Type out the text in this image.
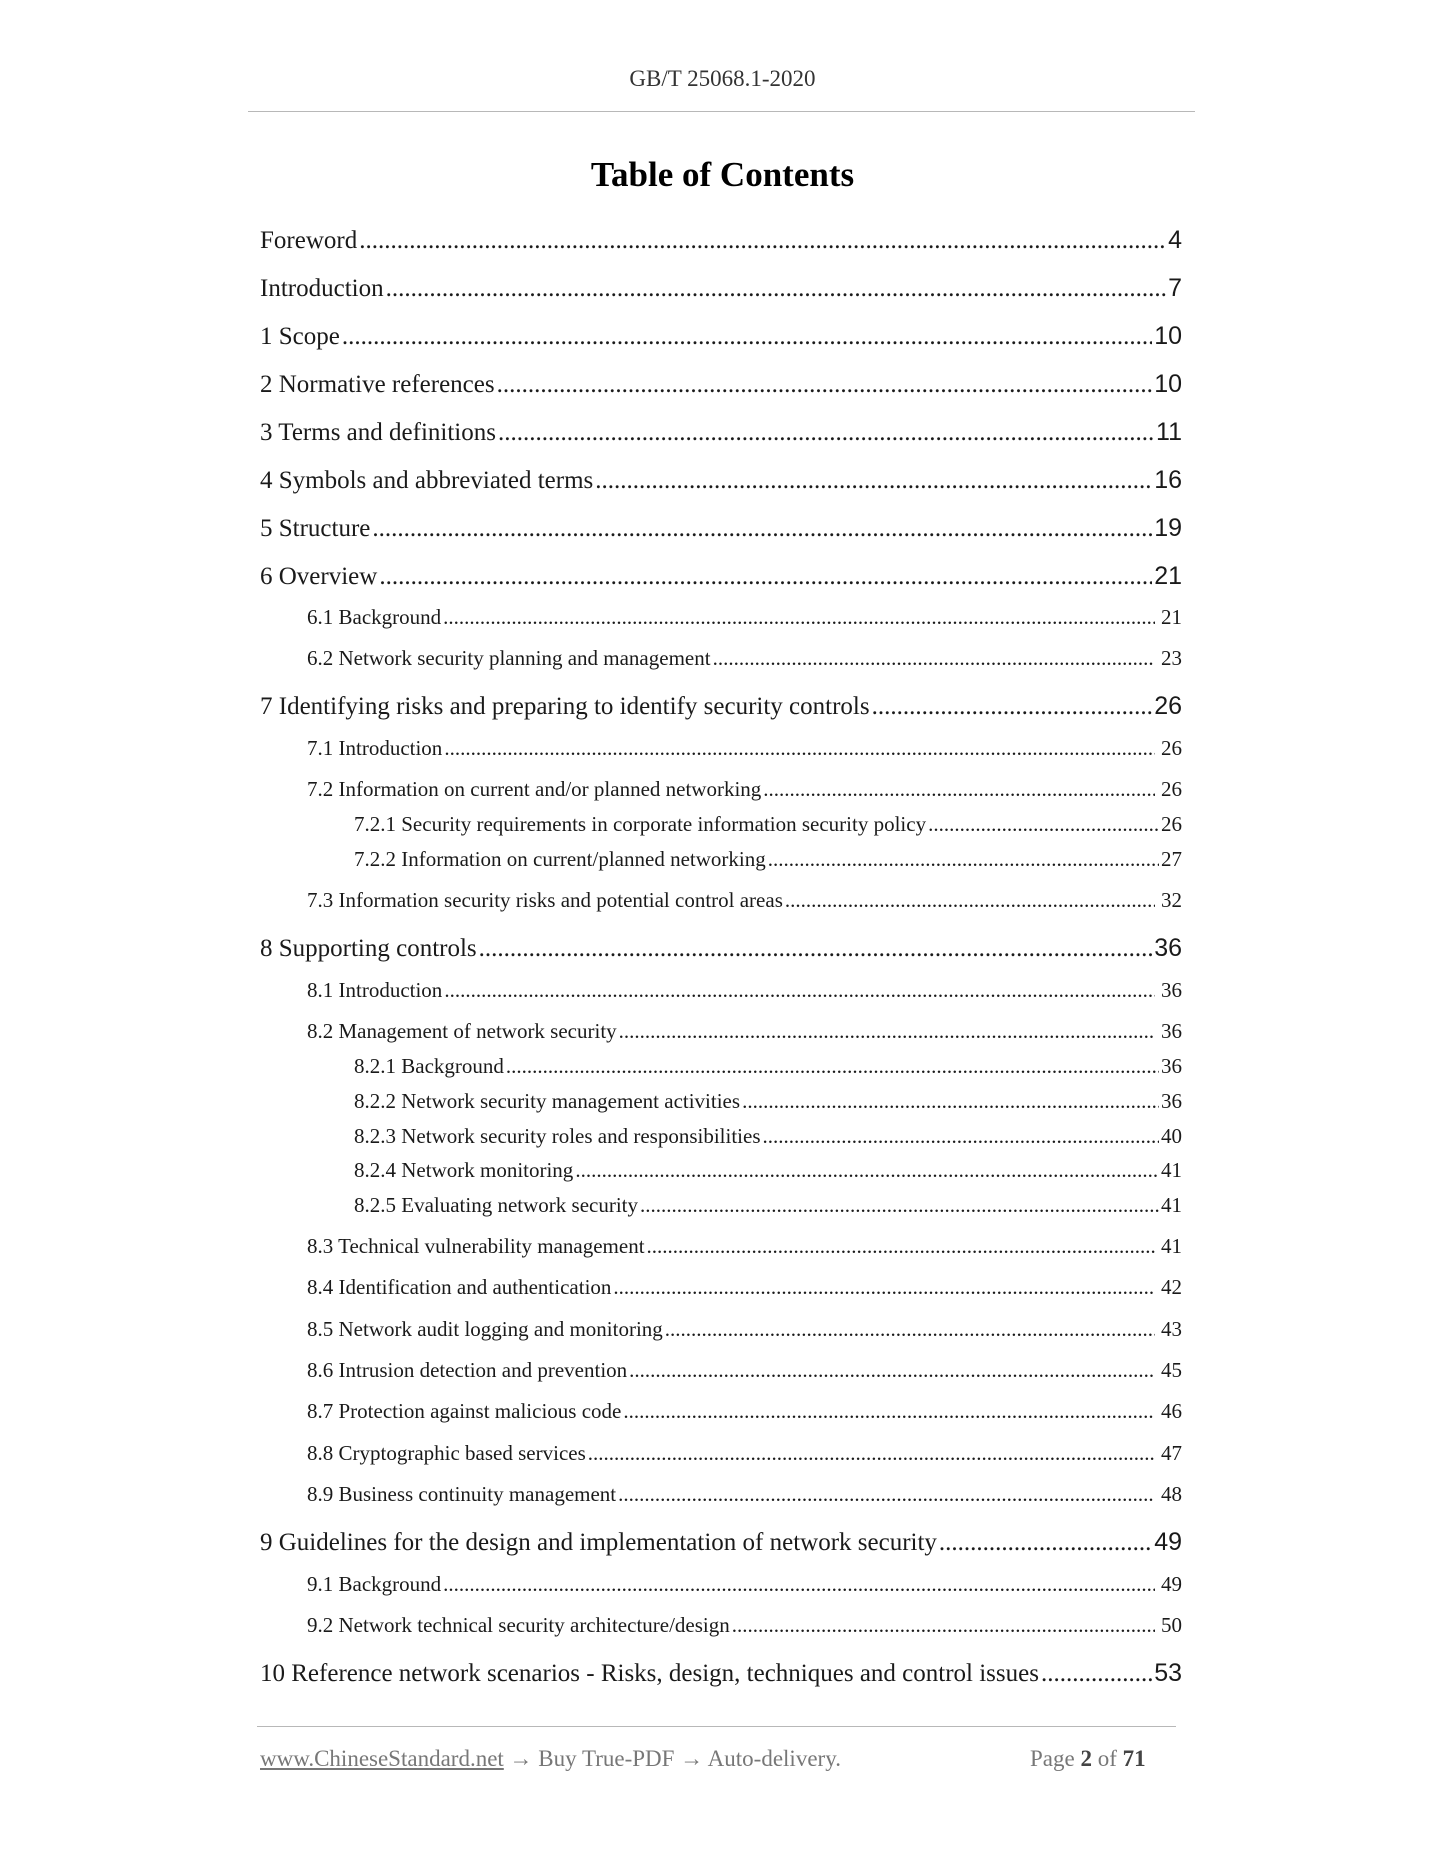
GB/T 25068.1-2020
Table of Contents
Foreword .....	4
Introduction .....	7
1 Scope .....	10
2 Normative references .....	10
3 Terms and definitions .....	11
4 Symbols and abbreviated terms .....	16
5 Structure .....	19
6 Overview .....	21
6.1 Background .....	21
6.2 Network security planning and management .....	23
7 Identifying risks and preparing to identify security controls .....	26
7.1 Introduction .....	26
7.2 Information on current and/or planned networking .....	26
7.2.1 Security requirements in corporate information security policy .....	26
7.2.2 Information on current/planned networking .....	27
7.3 Information security risks and potential control areas .....	32
8 Supporting controls .....	36
8.1 Introduction .....	36
8.2 Management of network security .....	36
8.2.1 Background .....	36
8.2.2 Network security management activities .....	36
8.2.3 Network security roles and responsibilities .....	40
8.2.4 Network monitoring .....	41
8.2.5 Evaluating network security .....	41
8.3 Technical vulnerability management .....	41
8.4 Identification and authentication .....	42
8.5 Network audit logging and monitoring .....	43
8.6 Intrusion detection and prevention .....	45
8.7 Protection against malicious code .....	46
8.8 Cryptographic based services .....	47
8.9 Business continuity management .....	48
9 Guidelines for the design and implementation of network security .....	49
9.1 Background .....	49
9.2 Network technical security architecture/design .....	50
10 Reference network scenarios - Risks, design, techniques and control issues .....	53
www.ChineseStandard.net → Buy True-PDF → Auto-delivery.	Page 2 of 71
